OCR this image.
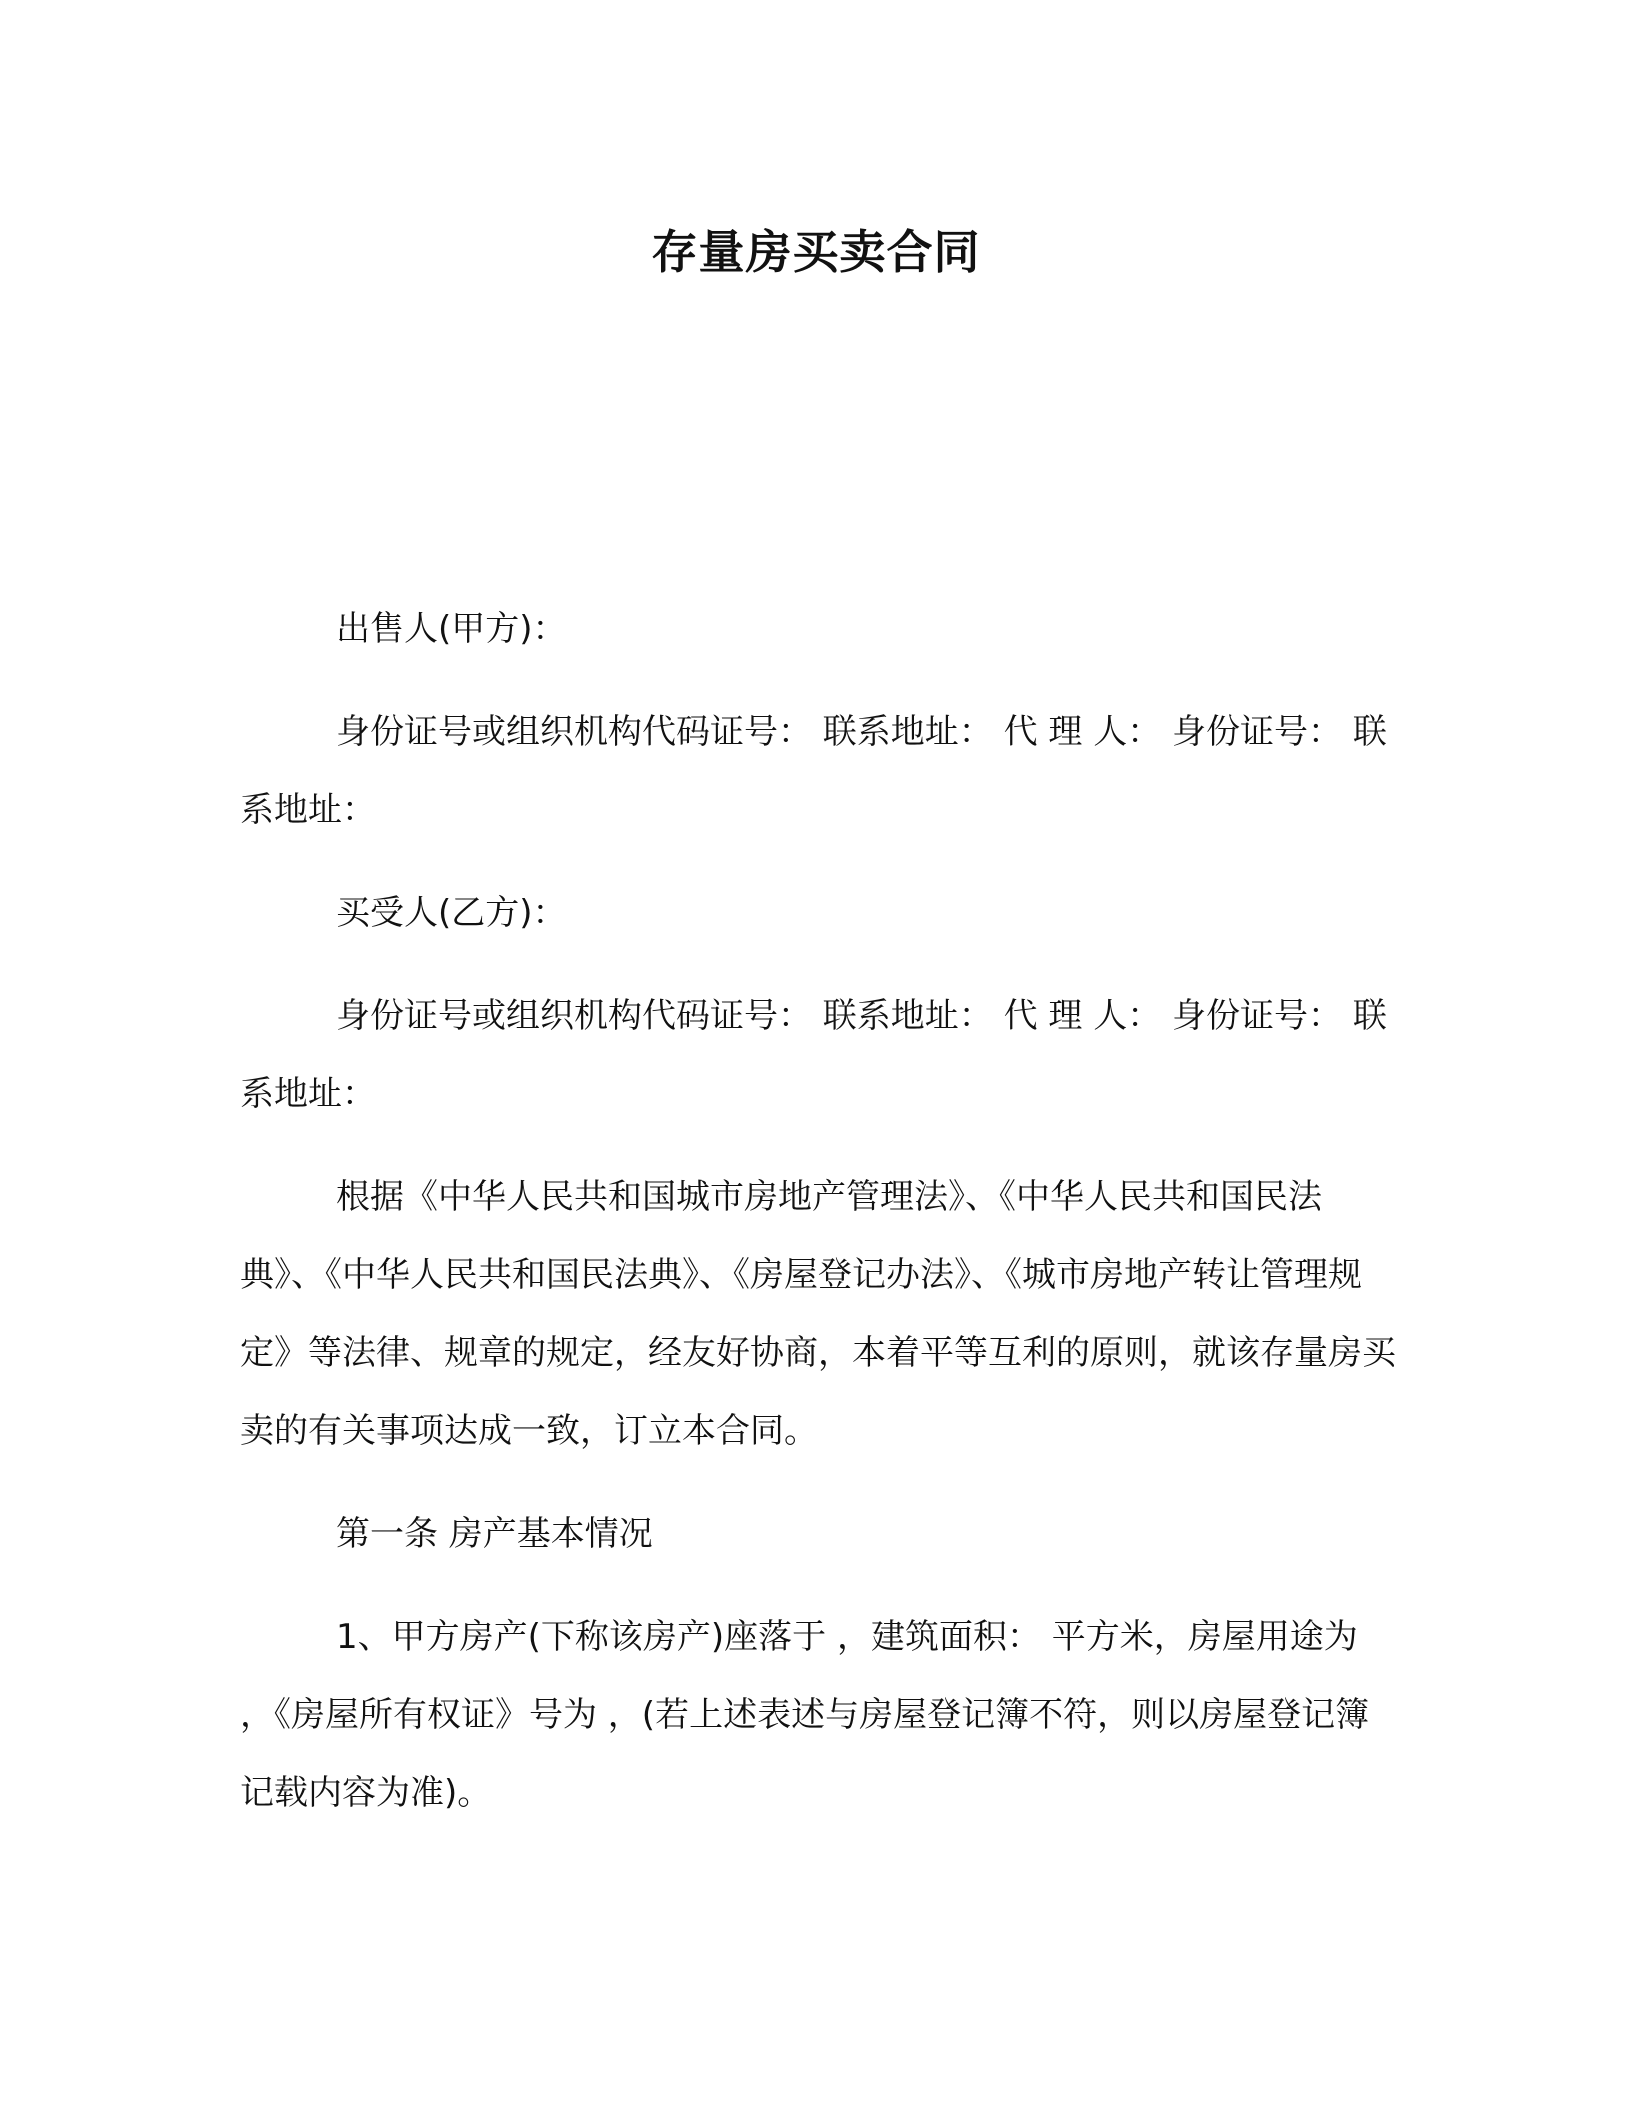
存量房买卖合同

出售人(甲方)：

身份证号或组织机构代码证号： 联系地址： 代 理 人： 身份证号： 联系地址：

买受人(乙方)：

身份证号或组织机构代码证号： 联系地址： 代 理 人： 身份证号： 联系地址：

根据《中华人民共和国城市房地产管理法》、《中华人民共和国民法典》、《中华人民共和国民法典》、《房屋登记办法》、《城市房地产转让管理规定》等法律、规章的规定，经友好协商，本着平等互利的原则，就该存量房买卖的有关事项达成一致，订立本合同。

第一条 房产基本情况

1、甲方房产(下称该房产)座落于 ，建筑面积： 平方米，房屋用途为 ，《房屋所有权证》号为 ，(若上述表述与房屋登记簿不符，则以房屋登记簿记载内容为准)。
